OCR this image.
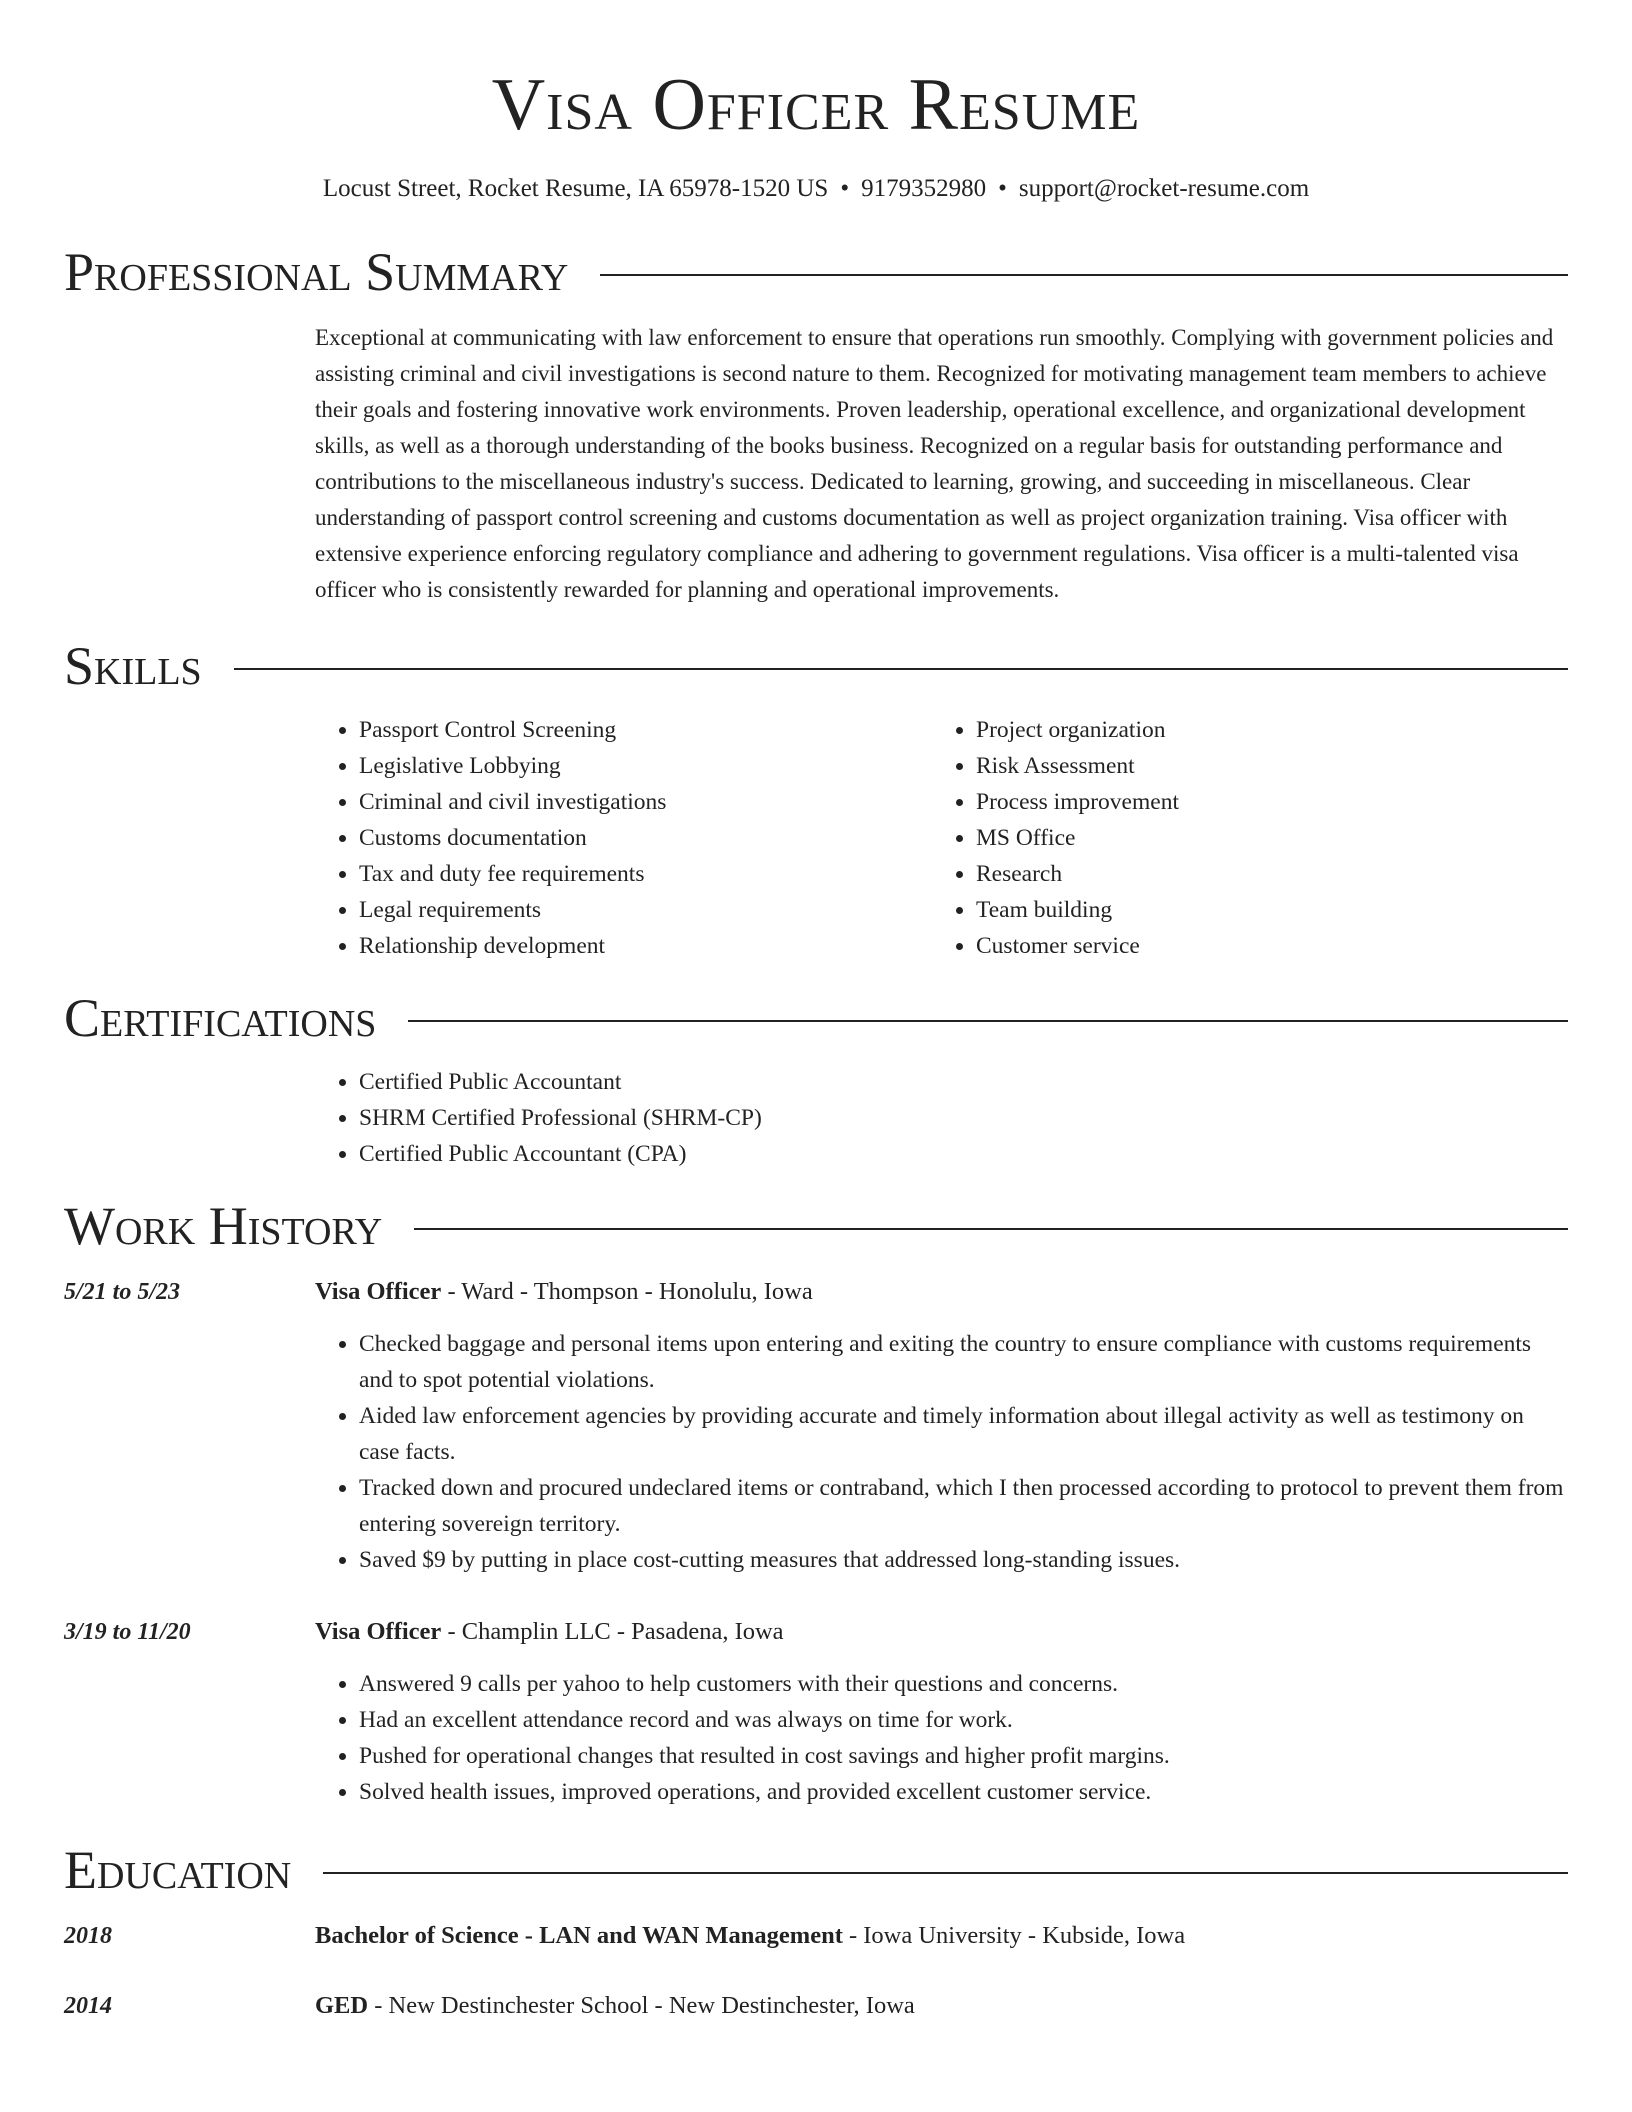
Visa Officer Resume
Locust Street, Rocket Resume, IA 65978-1520 US • 9179352980 • support@rocket-resume.com
Professional Summary

Exceptional at communicating with law enforcement to ensure that operations run smoothly. Complying with government policies and assisting criminal and civil investigations is second nature to them. Recognized for motivating management team members to achieve their goals and fostering innovative work environments. Proven leadership, operational excellence, and organizational development skills, as well as a thorough understanding of the books business. Recognized on a regular basis for outstanding performance and contributions to the miscellaneous industry's success. Dedicated to learning, growing, and succeeding in miscellaneous. Clear understanding of passport control screening and customs documentation as well as project organization training. Visa officer with extensive experience enforcing regulatory compliance and adhering to government regulations. Visa officer is a multi-talented visa officer who is consistently rewarded for planning and operational improvements.

Skills
• Passport Control Screening
• Legislative Lobbying
• Criminal and civil investigations
• Customs documentation
• Tax and duty fee requirements
• Legal requirements
• Relationship development
• Project organization
• Risk Assessment
• Process improvement
• MS Office
• Research
• Team building
• Customer service
Certifications
• Certified Public Accountant
• SHRM Certified Professional (SHRM-CP)
• Certified Public Accountant (CPA)
Work History
5/21 to 5/23	Visa Officer - Ward - Thompson - Honolulu, Iowa
• Checked baggage and personal items upon entering and exiting the country to ensure compliance with customs requirements and to spot potential violations.
• Aided law enforcement agencies by providing accurate and timely information about illegal activity as well as testimony on case facts.
• Tracked down and procured undeclared items or contraband, which I then processed according to protocol to prevent them from entering sovereign territory.
• Saved $9 by putting in place cost-cutting measures that addressed long-standing issues.
3/19 to 11/20	Visa Officer - Champlin LLC - Pasadena, Iowa
• Answered 9 calls per yahoo to help customers with their questions and concerns.
• Had an excellent attendance record and was always on time for work.
• Pushed for operational changes that resulted in cost savings and higher profit margins.
• Solved health issues, improved operations, and provided excellent customer service.
Education
2018	Bachelor of Science - LAN and WAN Management - Iowa University - Kubside, Iowa
2014	GED - New Destinchester School - New Destinchester, Iowa
